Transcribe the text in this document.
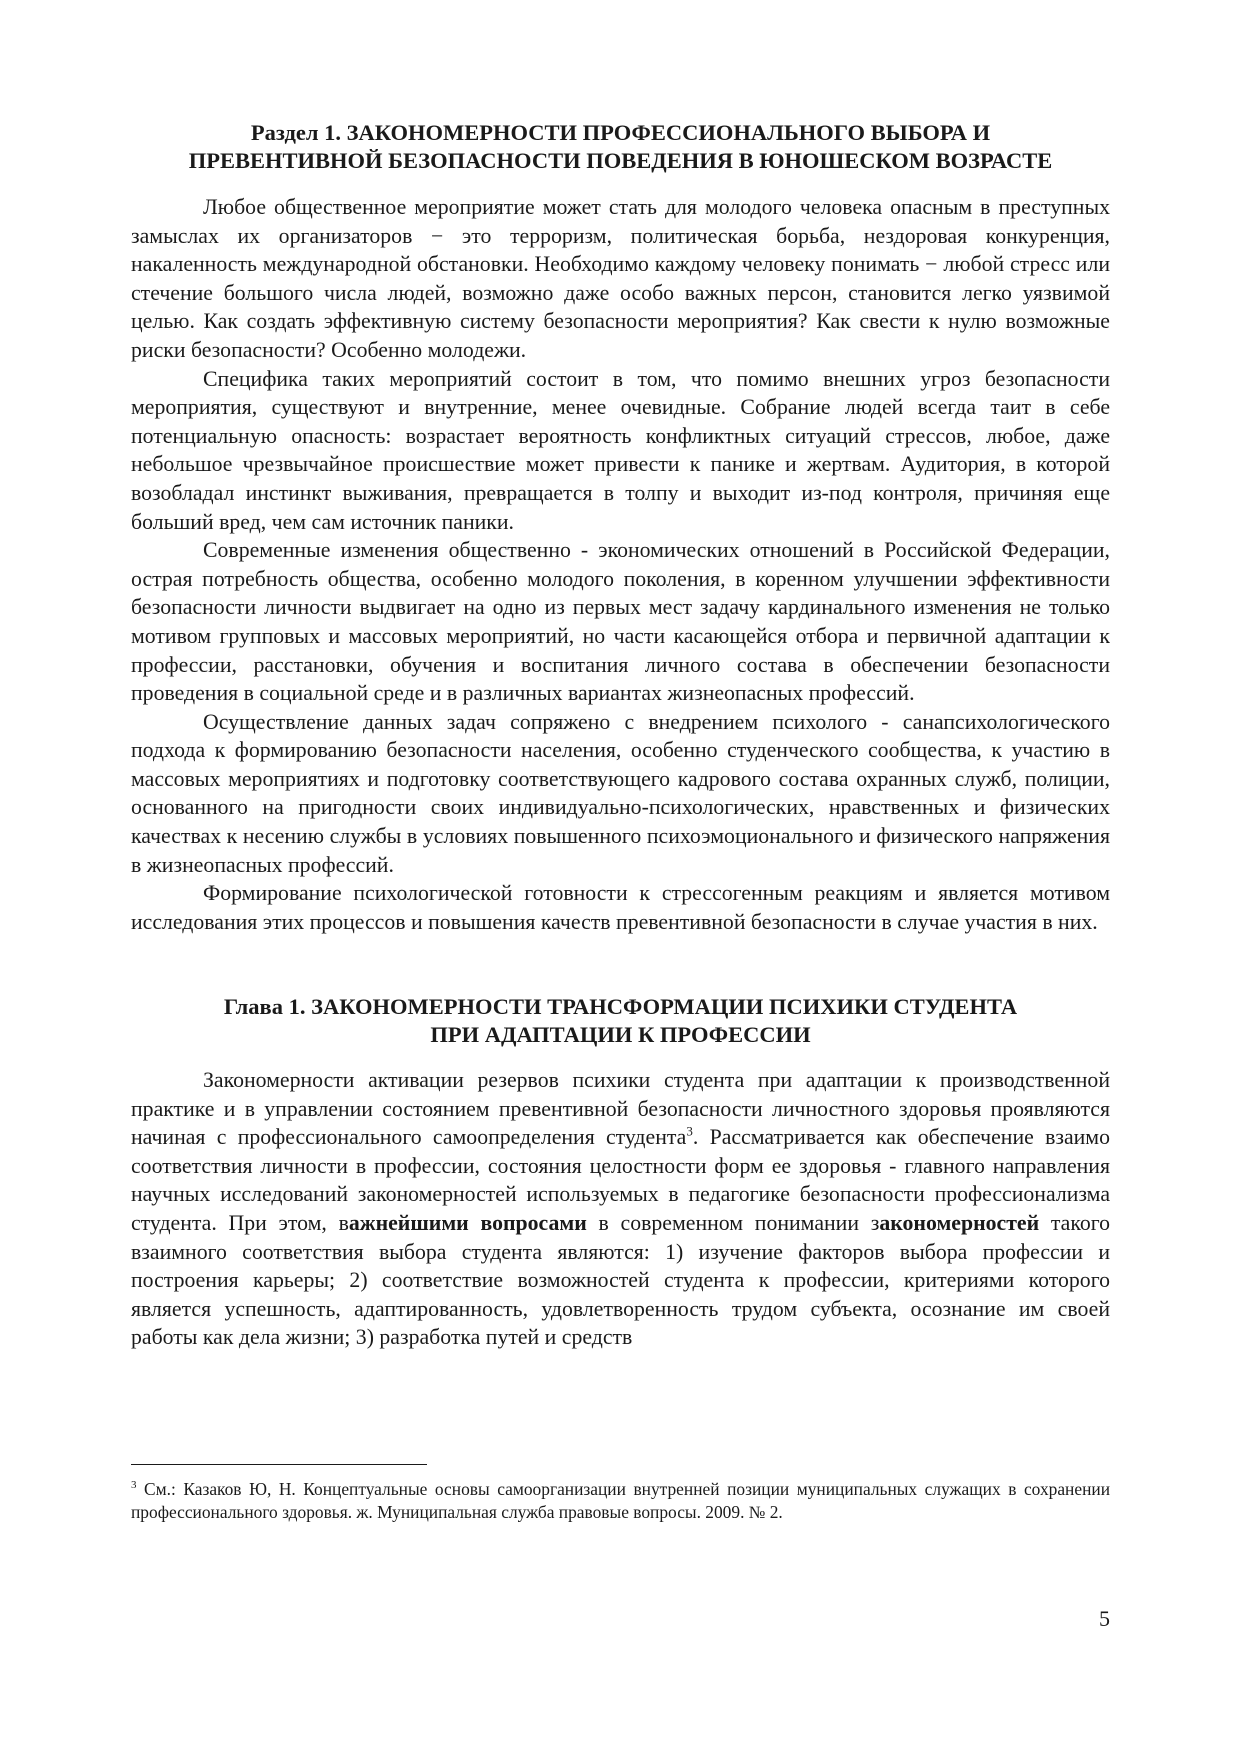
Раздел 1. ЗАКОНОМЕРНОСТИ ПРОФЕССИОНАЛЬНОГО ВЫБОРА И
ПРЕВЕНТИВНОЙ БЕЗОПАСНОСТИ ПОВЕДЕНИЯ В ЮНОШЕСКОМ ВОЗРАСТЕ

Любое общественное мероприятие может стать для молодого человека опасным в преступных замыслах их организаторов − это терроризм, политическая борьба, нездоровая конкуренция, накаленность международной обстановки. Необходимо каждому человеку понимать − любой стресс или стечение большого числа людей, возможно даже особо важных персон, становится легко уязвимой целью. Как создать эффективную систему безопасности мероприятия? Как свести к нулю возможные риски безопасности? Особенно молодежи.

Специфика таких мероприятий состоит в том, что помимо внешних угроз безопасности мероприятия, существуют и внутренние, менее очевидные. Собрание людей всегда таит в себе потенциальную опасность: возрастает вероятность конфликтных ситуаций стрессов, любое, даже небольшое чрезвычайное происшествие может привести к панике и жертвам. Аудитория, в которой возобладал инстинкт выживания, превращается в толпу и выходит из-под контроля, причиняя еще больший вред, чем сам источник паники.

Современные изменения общественно - экономических отношений в Российской Федерации, острая потребность общества, особенно молодого поколения, в коренном улучшении эффективности безопасности личности выдвигает на одно из первых мест задачу кардинального изменения не только мотивом групповых и массовых мероприятий, но части касающейся отбора и первичной адаптации к профессии, расстановки, обучения и воспитания личного состава в обеспечении безопасности проведения в социальной среде и в различных вариантах жизнеопасных профессий.

Осуществление данных задач сопряжено с внедрением психолого - санапсихологического подхода к формированию безопасности населения, особенно студенческого сообщества, к участию в массовых мероприятиях и подготовку соответствующего кадрового состава охранных служб, полиции, основанного на пригодности своих индивидуально-психологических, нравственных и физических качествах к несению службы в условиях повышенного психоэмоционального и физического напряжения в жизнеопасных профессий.

Формирование психологической готовности к стрессогенным реакциям и является мотивом исследования этих процессов и повышения качеств превентивной безопасности в случае участия в них.

Глава 1. ЗАКОНОМЕРНОСТИ ТРАНСФОРМАЦИИ ПСИХИКИ СТУДЕНТА
ПРИ АДАПТАЦИИ К ПРОФЕССИИ

Закономерности активации резервов психики студента при адаптации к производственной практике и в управлении состоянием превентивной безопасности личностного здоровья проявляются начиная с профессионального самоопределения студента$^3$. Рассматривается как обеспечение взаимо соответствия личности в профессии, состояния целостности форм ее здоровья - главного направления научных исследований закономерностей используемых в педагогике безопасности профессионализма студента. При этом, важнейшими вопросами в современном понимании закономерностей такого взаимного соответствия выбора студента являются: 1) изучение факторов выбора профессии и построения карьеры; 2) соответствие возможностей студента к профессии, критериями которого является успешность, адаптированность, удовлетворенность трудом субъекта, осознание им своей работы как дела жизни; 3) разработка путей и средств

$^3$ См.: Казаков Ю, Н. Концептуальные основы самоорганизации внутренней позиции муниципальных служащих в сохранении профессионального здоровья. ж. Муниципальная служба правовые вопросы. 2009. № 2.

5
